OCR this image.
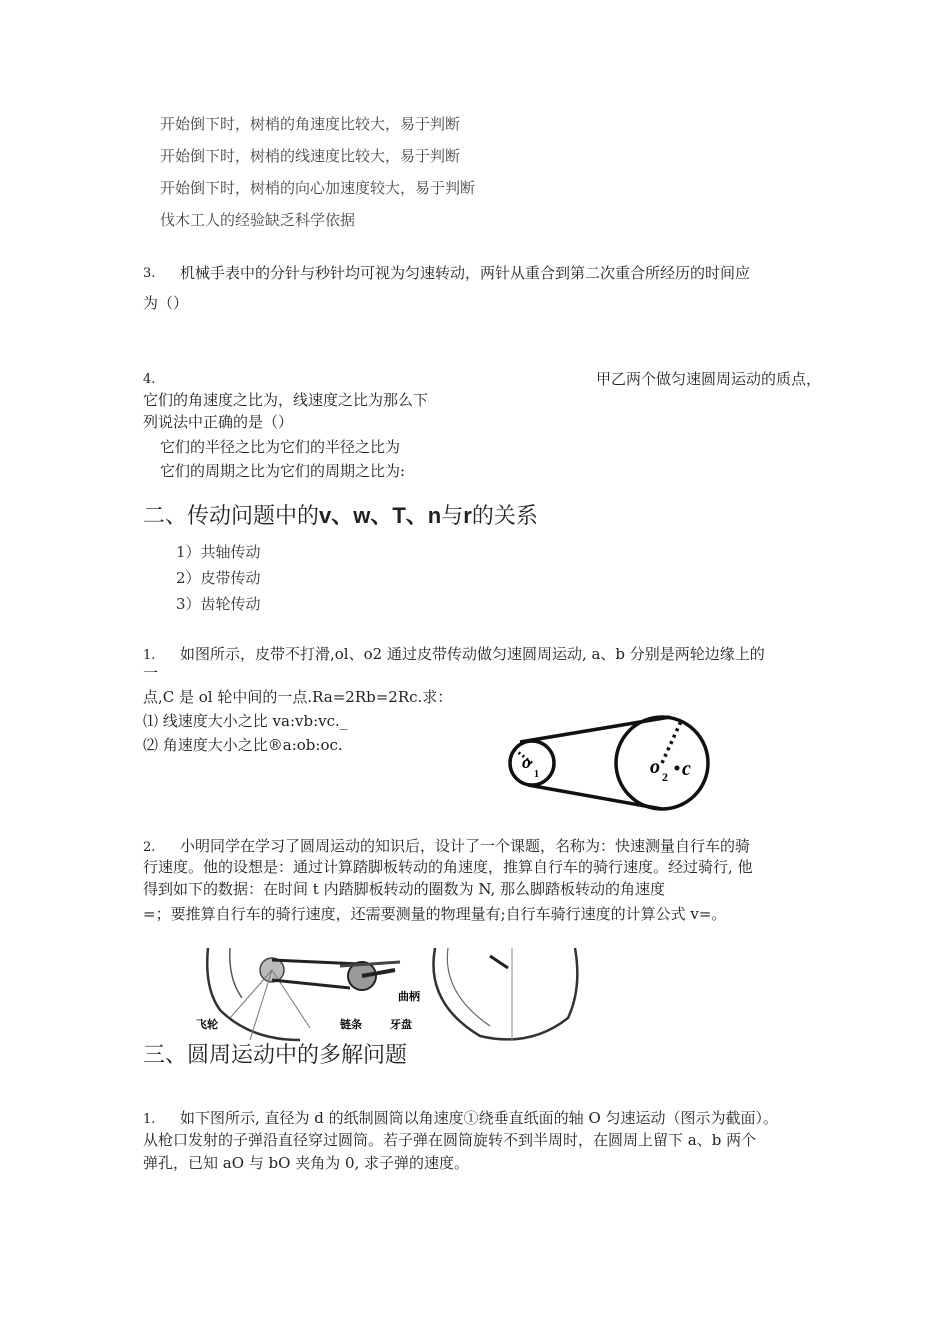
开始倒下时，树梢的角速度比较大，易于判断
开始倒下时，树梢的线速度比较大，易于判断
开始倒下时，树梢的向心加速度较大，易于判断
伐木工人的经验缺乏科学依据
3. 机械手表中的分针与秒针均可视为匀速转动，两针从重合到第二次重合所经历的时间应
为（）
4.	甲乙两个做匀速圆周运动的质点，
它们的角速度之比为，线速度之比为那么下
列说法中正确的是（）
它们的半径之比为它们的半径之比为
它们的周期之比为它们的周期之比为:
二、传动问题中的v、w、T、n与r的关系
1）共轴传动
2）皮带传动
3）齿轮传动
1. 如图所示，皮带不打滑,ol、o2 通过皮带传动做匀速圆周运动, a、b 分别是两轮边缘上的
一
点,C 是 ol 轮中间的一点.Ra=2Rb=2Rc.求：
⑴ 线速度大小之比 va:vb:vc._
⑵ 角速度大小之比®a:ob:oc.
o
1	o 2 c
2. 小明同学在学习了圆周运动的知识后，设计了一个课题，名称为：快速测量自行车的骑
行速度。他的设想是：通过计算踏脚板转动的角速度，推算自行车的骑行速度。经过骑行, 他
得到如下的数据：在时间 t 内踏脚板转动的圈数为 N, 那么脚踏板转动的角速度
=；要推算自行车的骑行速度，还需要测量的物理量有;自行车骑行速度的计算公式 v=。
曲柄
飞轮	链条	牙盘
三、圆周运动中的多解问题
1. 如下图所示, 直径为 d 的纸制圆筒以角速度①绕垂直纸面的轴 O 匀速运动（图示为截面）。
从枪口发射的子弹沿直径穿过圆筒。若子弹在圆筒旋转不到半周时，在圆周上留下 a、b 两个
弹孔，已知 aO 与 bO 夹角为 0, 求子弹的速度。
